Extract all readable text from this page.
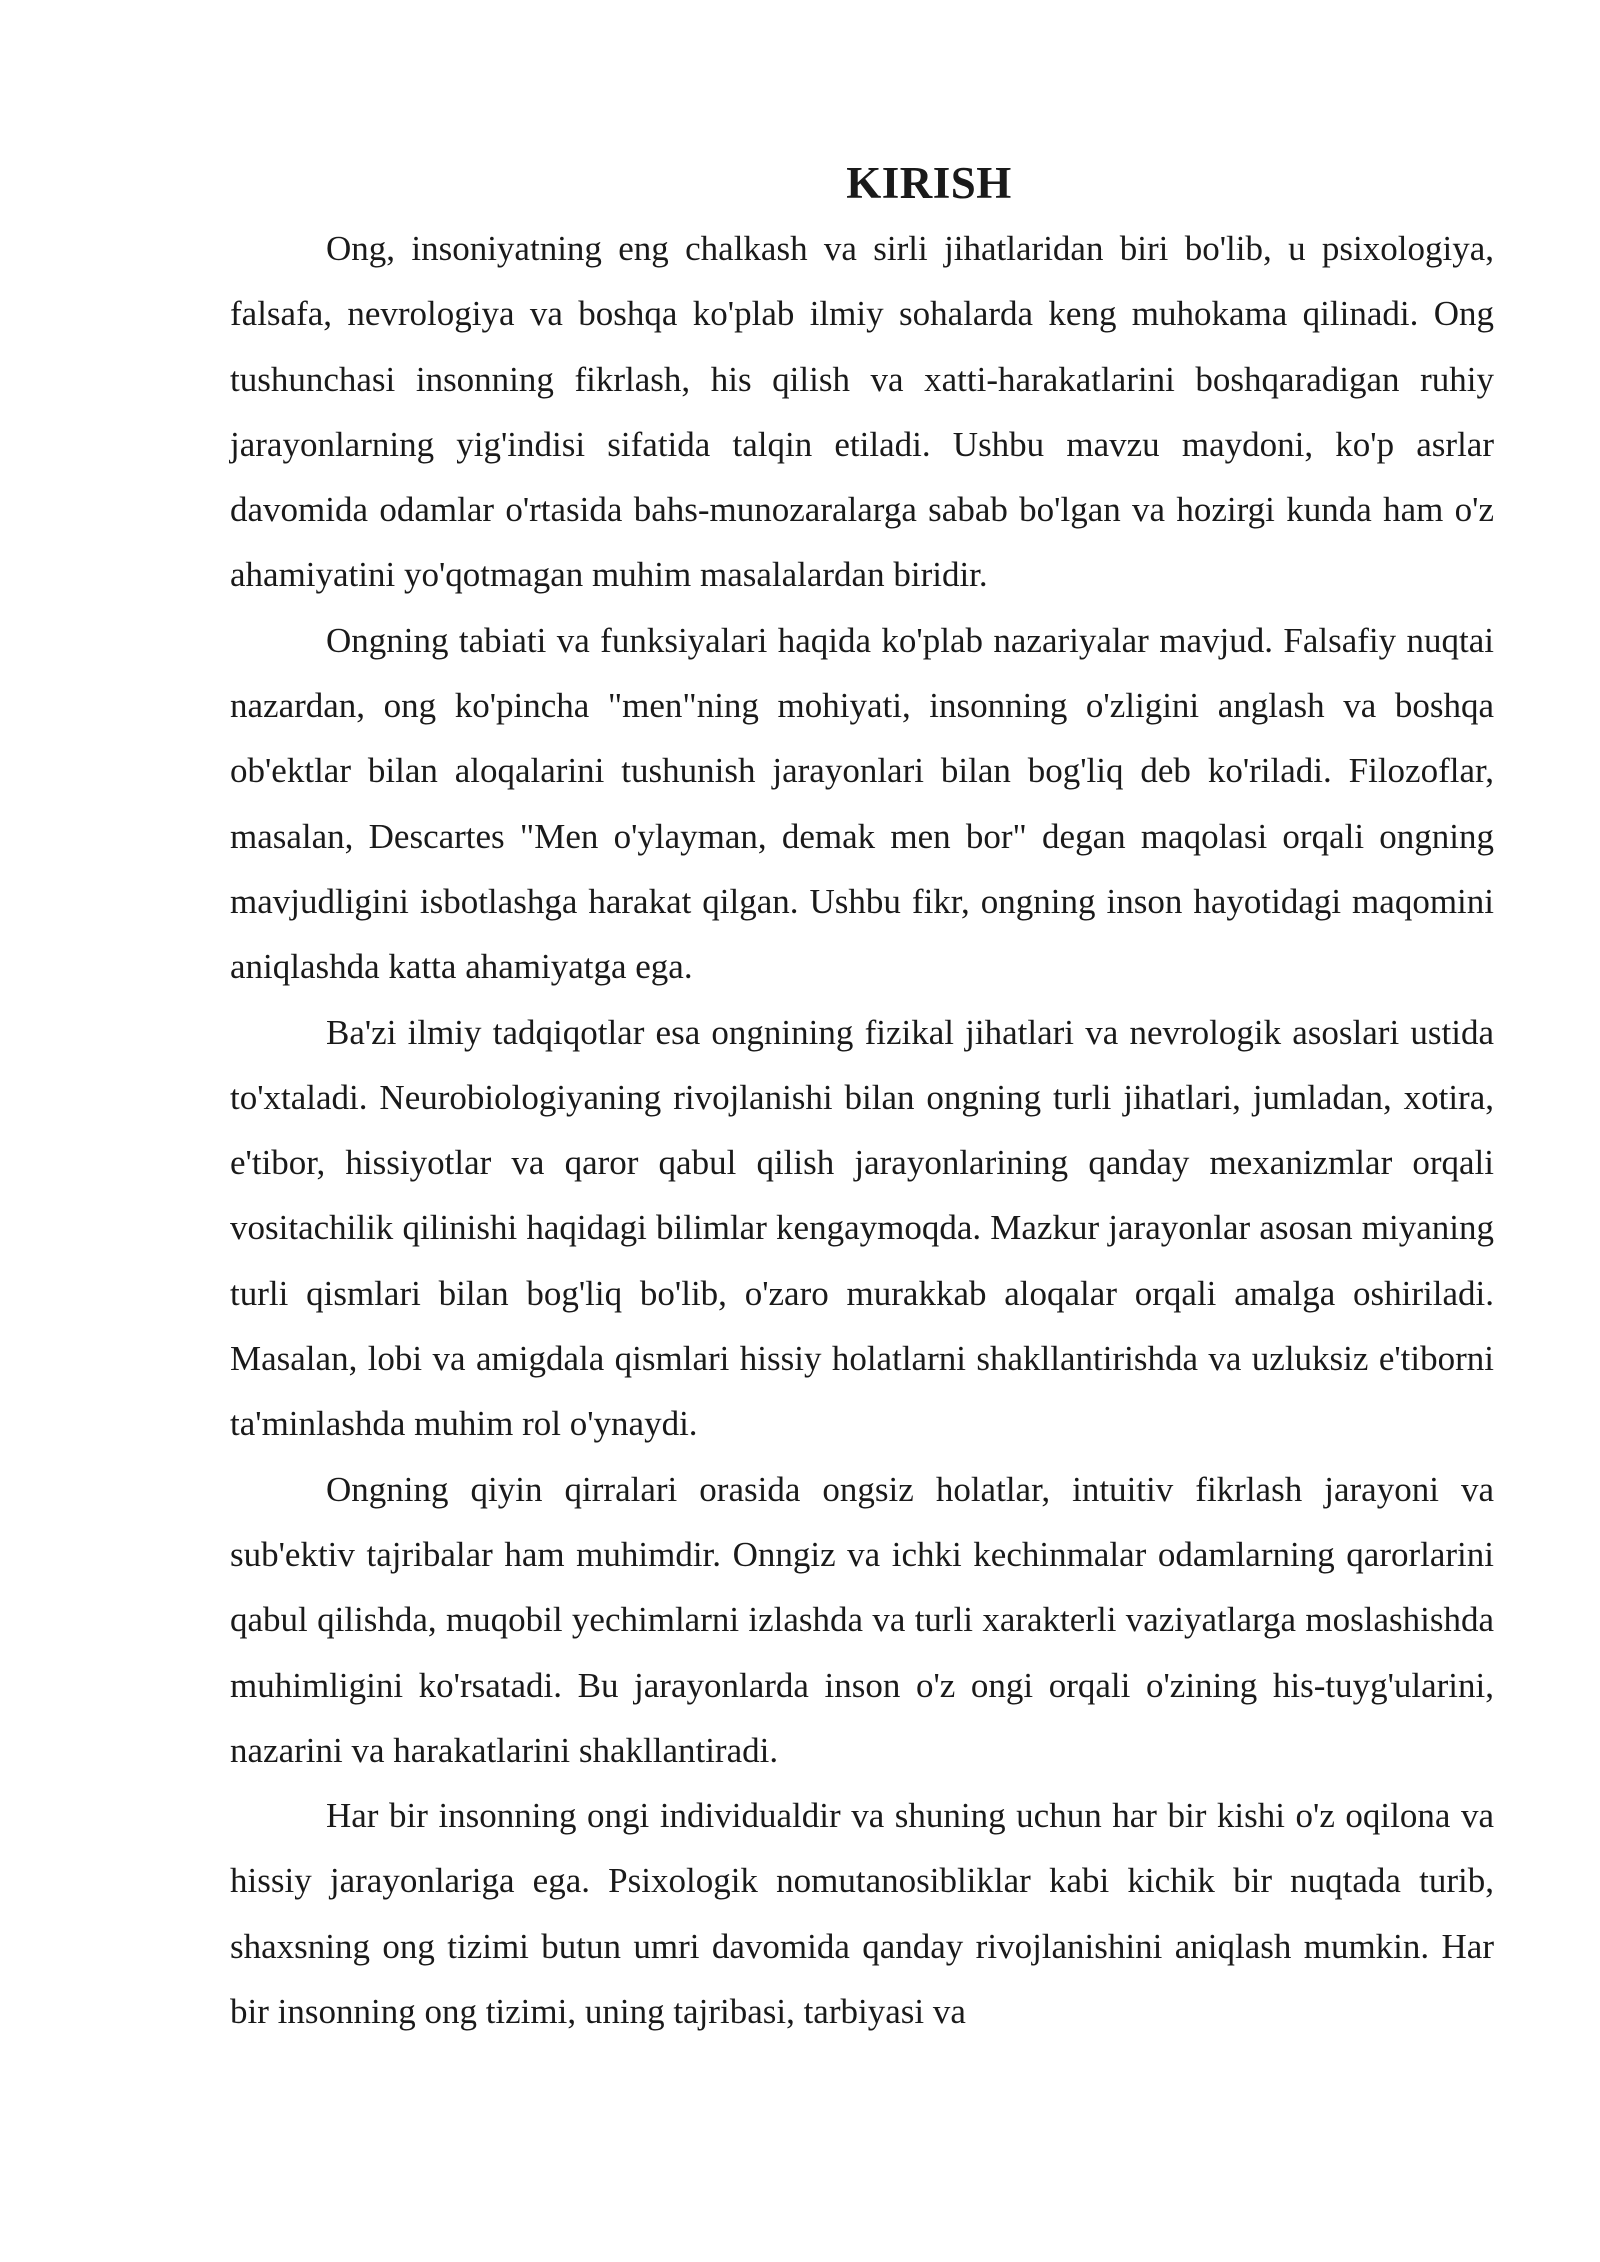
KIRISH

Ong, insoniyatning eng chalkash va sirli jihatlaridan biri bo'lib, u psixologiya, falsafa, nevrologiya va boshqa ko'plab ilmiy sohalarda keng muhokama qilinadi. Ong tushunchasi insonning fikrlash, his qilish va xatti-harakatlarini boshqaradigan ruhiy jarayonlarning yig'indisi sifatida talqin etiladi. Ushbu mavzu maydoni, ko'p asrlar davomida odamlar o'rtasida bahs-munozaralarga sabab bo'lgan va hozirgi kunda ham o'z ahamiyatini yo'qotmagan muhim masalalardan biridir.

Ongning tabiati va funksiyalari haqida ko'plab nazariyalar mavjud. Falsafiy nuqtai nazardan, ong ko'pincha "men"ning mohiyati, insonning o'zligini anglash va boshqa ob'ektlar bilan aloqalarini tushunish jarayonlari bilan bog'liq deb ko'riladi. Filozoflar, masalan, Descartes "Men o'ylayman, demak men bor" degan maqolasi orqali ongning mavjudligini isbotlashga harakat qilgan. Ushbu fikr, ongning inson hayotidagi maqomini aniqlashda katta ahamiyatga ega.

Ba'zi ilmiy tadqiqotlar esa ongnining fizikal jihatlari va nevrologik asoslari ustida to'xtaladi. Neurobiologiyaning rivojlanishi bilan ongning turli jihatlari, jumladan, xotira, e'tibor, hissiyotlar va qaror qabul qilish jarayonlarining qanday mexanizmlar orqali vositachilik qilinishi haqidagi bilimlar kengaymoqda. Mazkur jarayonlar asosan miyaning turli qismlari bilan bog'liq bo'lib, o'zaro murakkab aloqalar orqali amalga oshiriladi. Masalan, lobi va amigdala qismlari hissiy holatlarni shakllantirishda va uzluksiz e'tiborni ta'minlashda muhim rol o'ynaydi.

Ongning qiyin qirralari orasida ongsiz holatlar, intuitiv fikrlash jarayoni va sub'ektiv tajribalar ham muhimdir. Onngiz va ichki kechinmalar odamlarning qarorlarini qabul qilishda, muqobil yechimlarni izlashda va turli xarakterli vaziyatlarga moslashishda muhimligini ko'rsatadi. Bu jarayonlarda inson o'z ongi orqali o'zining his-tuyg'ularini, nazarini va harakatlarini shakllantiradi.

Har bir insonning ongi individualdir va shuning uchun har bir kishi o'z oqilona va hissiy jarayonlariga ega. Psixologik nomutanosibliklar kabi kichik bir nuqtada turib, shaxsning ong tizimi butun umri davomida qanday rivojlanishini aniqlash mumkin. Har bir insonning ong tizimi, uning tajribasi, tarbiyasi va
